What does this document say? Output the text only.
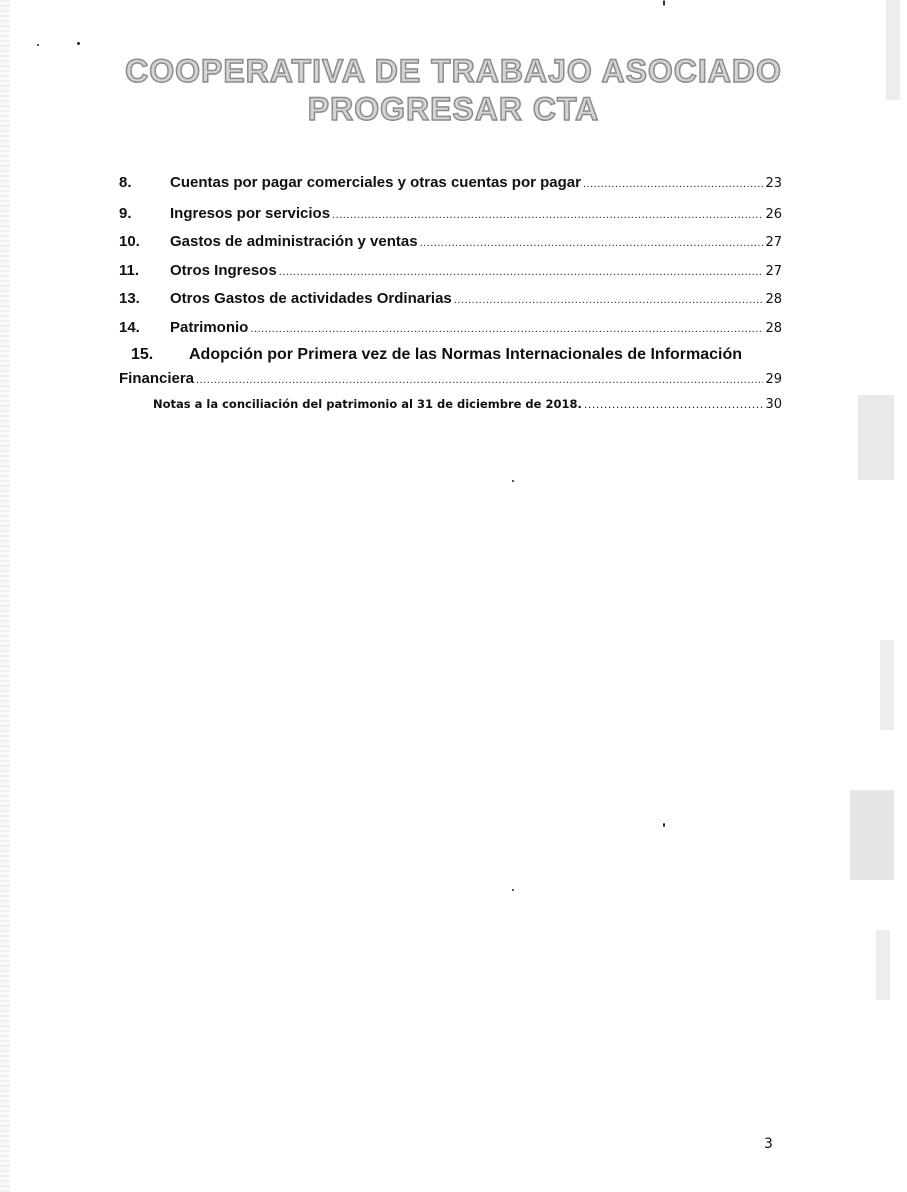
COOPERATIVA DE TRABAJO ASOCIADO
PROGRESAR CTA
8.	Cuentas por pagar comerciales y otras cuentas por pagar .....	23
9.	Ingresos por servicios .....	26
10.	Gastos de administración y ventas .....	27
11.	Otros Ingresos .....	27
13.	Otros Gastos de actividades Ordinarias .....	28
14.	Patrimonio .....	28
15. Adopción por Primera vez de las Normas Internacionales de Información
Financiera .....	29
Notas a la conciliación del patrimonio al 31 de diciembre de 2018. .....	30
3
